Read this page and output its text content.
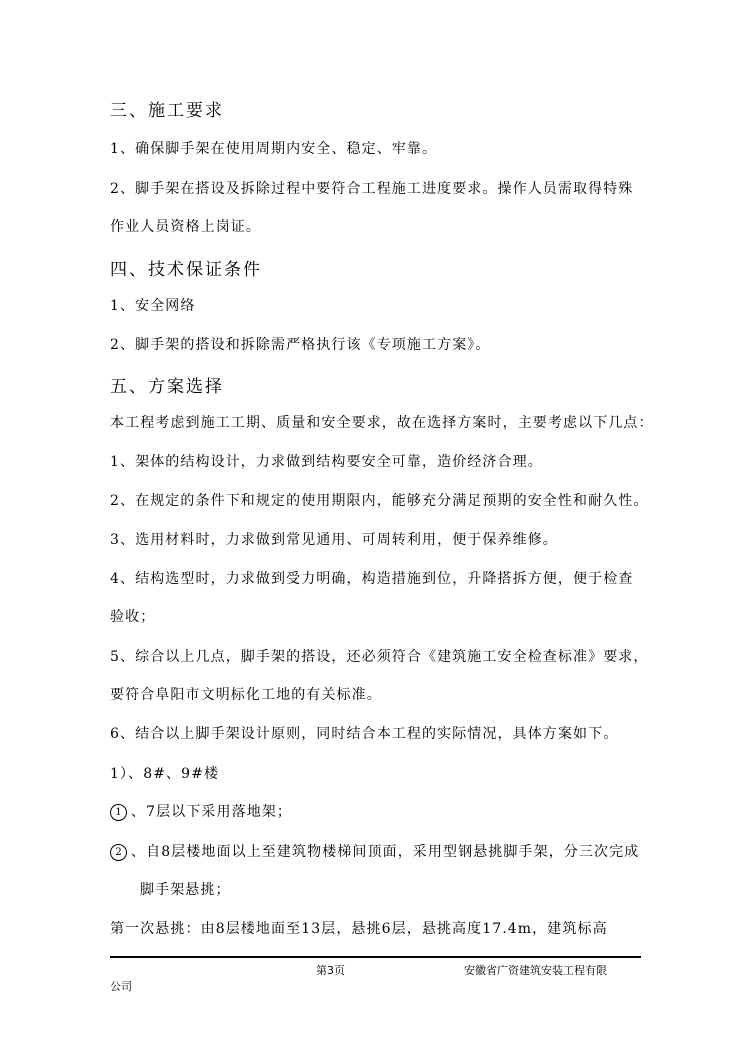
三、施工要求
1、确保脚手架在使用周期内安全、稳定、牢靠。
2、脚手架在搭设及拆除过程中要符合工程施工进度要求。操作人员需取得特殊
作业人员资格上岗证。
四、技术保证条件
1、安全网络
2、脚手架的搭设和拆除需严格执行该《专项施工方案》。
五、方案选择
本工程考虑到施工工期、质量和安全要求，故在选择方案时，主要考虑以下几点：
1、架体的结构设计，力求做到结构要安全可靠，造价经济合理。
2、在规定的条件下和规定的使用期限内，能够充分满足预期的安全性和耐久性。
3、选用材料时，力求做到常见通用、可周转利用，便于保养维修。
4、结构选型时，力求做到受力明确，构造措施到位，升降搭拆方便，便于检查
验收；
5、综合以上几点，脚手架的搭设，还必须符合《建筑施工安全检查标准》要求，
要符合阜阳市文明标化工地的有关标准。
6、结合以上脚手架设计原则，同时结合本工程的实际情况，具体方案如下。
1）、8#、9#楼
1 、7层以下采用落地架；
2 、自8层楼地面以上至建筑物楼梯间顶面，采用型钢悬挑脚手架，分三次完成
脚手架悬挑；
第一次悬挑：由8层楼地面至13层，悬挑6层，悬挑高度17.4m，建筑标高
第3页	安徽省广资建筑安装工程有限
公司
